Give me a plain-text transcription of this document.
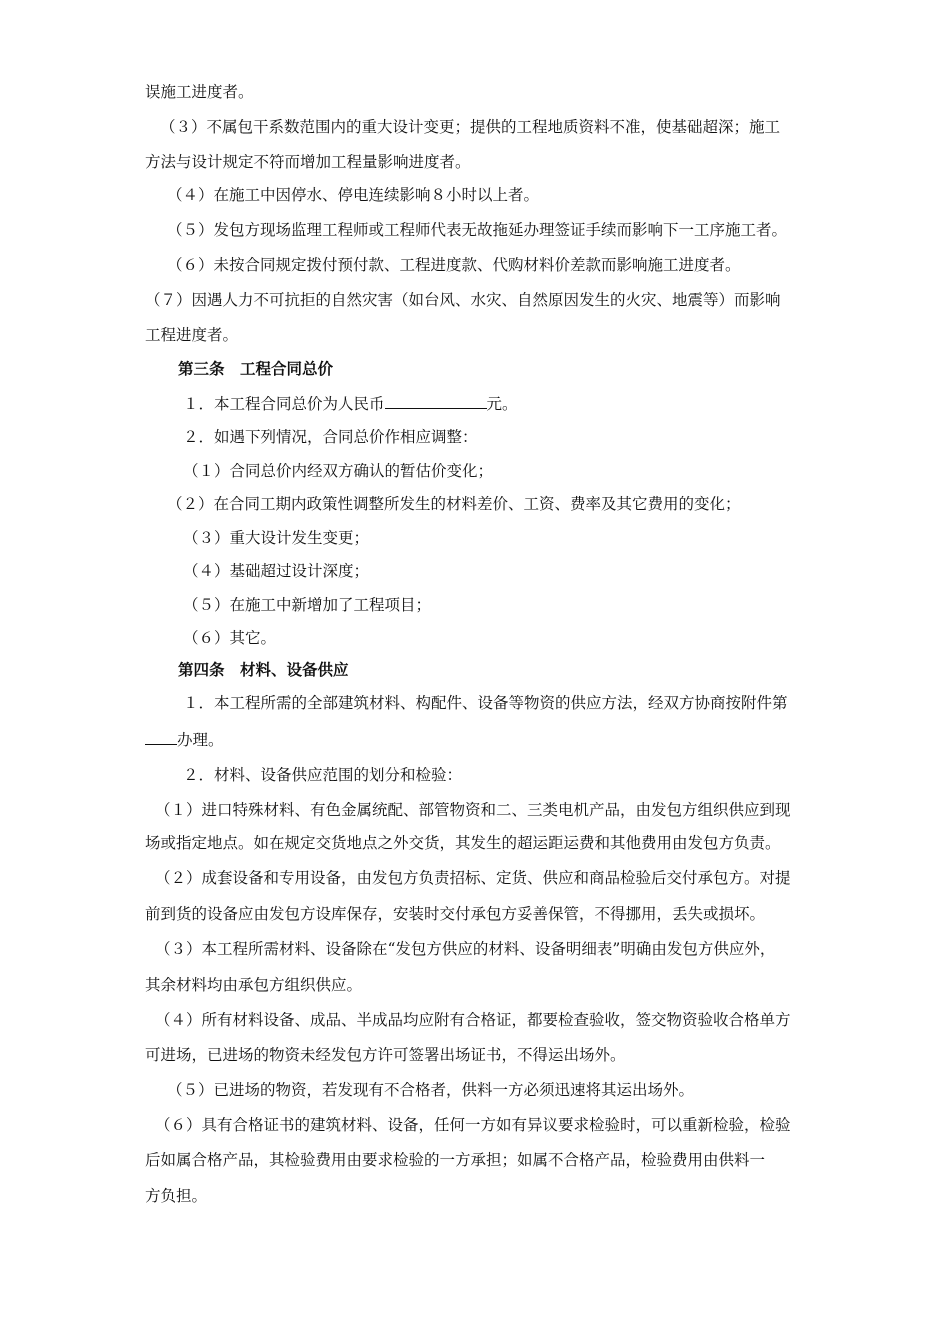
误施工进度者。
（３）不属包干系数范围内的重大设计变更；提供的工程地质资料不准，使基础超深；施工
方法与设计规定不符而增加工程量影响进度者。
（４）在施工中因停水、停电连续影响８小时以上者。
（５）发包方现场监理工程师或工程师代表无故拖延办理签证手续而影响下一工序施工者。
（６）未按合同规定拨付预付款、工程进度款、代购材料价差款而影响施工进度者。
（７）因遇人力不可抗拒的自然灾害（如台风、水灾、自然原因发生的火灾、地震等）而影响
工程进度者。
第三条　工程合同总价
１．本工程合同总价为人民币	元。
２．如遇下列情况，合同总价作相应调整：
（１）合同总价内经双方确认的暂估价变化；
（２）在合同工期内政策性调整所发生的材料差价、工资、费率及其它费用的变化；
（３）重大设计发生变更；
（４）基础超过设计深度；
（５）在施工中新增加了工程项目；
（６）其它。
第四条　材料、设备供应
１．本工程所需的全部建筑材料、构配件、设备等物资的供应方法，经双方协商按附件第
办理。
２．材料、设备供应范围的划分和检验：
（１）进口特殊材料、有色金属统配、部管物资和二、三类电机产品，由发包方组织供应到现
场或指定地点。如在规定交货地点之外交货，其发生的超运距运费和其他费用由发包方负责。
（２）成套设备和专用设备，由发包方负责招标、定货、供应和商品检验后交付承包方。对提
前到货的设备应由发包方设库保存，安装时交付承包方妥善保管，不得挪用，丢失或损坏。
（３）本工程所需材料、设备除在“发包方供应的材料、设备明细表”明确由发包方供应外，
其余材料均由承包方组织供应。
（４）所有材料设备、成品、半成品均应附有合格证，都要检查验收，签交物资验收合格单方
可进场，已进场的物资未经发包方许可签署出场证书，不得运出场外。
（５）已进场的物资，若发现有不合格者，供料一方必须迅速将其运出场外。
（６）具有合格证书的建筑材料、设备，任何一方如有异议要求检验时，可以重新检验，检验
后如属合格产品，其检验费用由要求检验的一方承担；如属不合格产品，检验费用由供料一
方负担。
